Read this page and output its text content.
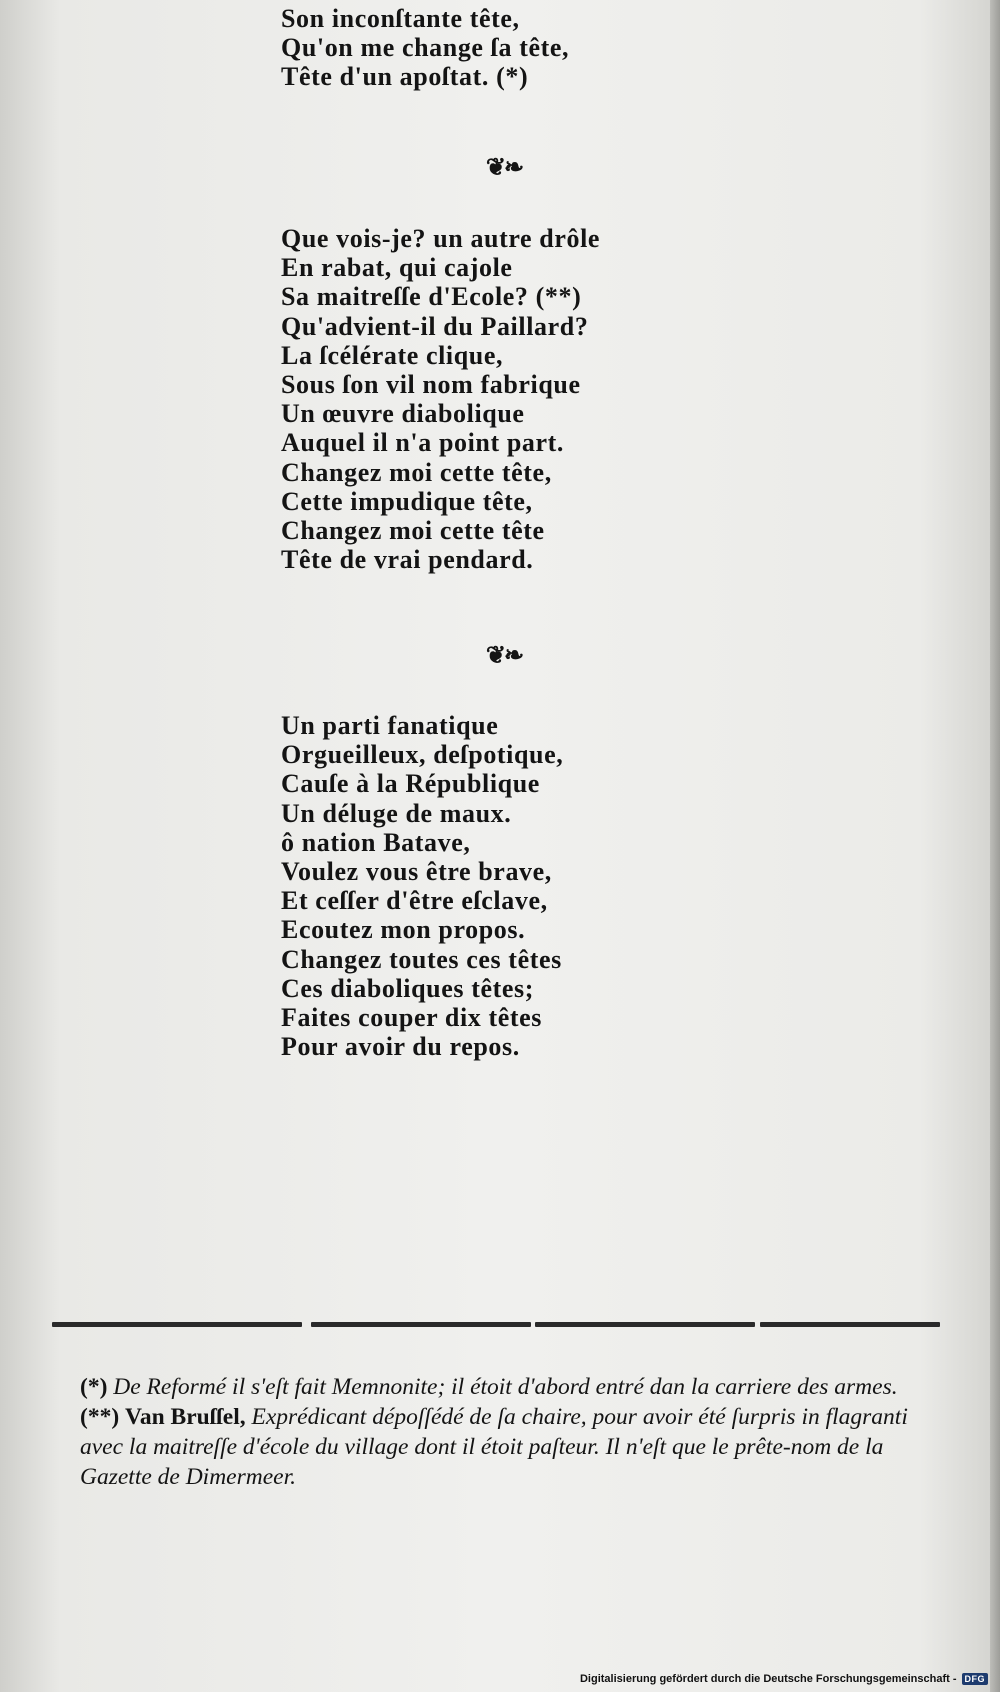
Son inconſtante tête,
Qu'on me change ſa tête,
Tête d'un apoſtat. (*)
❦❧
Que vois-je? un autre drôle
En rabat, qui cajole
Sa maitreſſe d'Ecole? (**)
Qu'advient-il du Paillard?
La ſcélérate clique,
Sous ſon vil nom fabrique
Un œuvre diabolique
Auquel il n'a point part.
Changez moi cette tête,
Cette impudique tête,
Changez moi cette tête
Tête de vrai pendard.
❦❧
Un parti fanatique
Orgueilleux, deſpotique,
Cauſe à la République
Un déluge de maux.
ô nation Batave,
Voulez vous être brave,
Et ceſſer d'être eſclave,
Ecoutez mon propos.
Changez toutes ces têtes
Ces diaboliques têtes;
Faites couper dix têtes
Pour avoir du repos.

(*) De Reformé il s'eſt fait Memnonite; il étoit d'abord entré dan la carriere des armes.

(**) Van Bruſſel, Exprédicant dépoſſédé de ſa chaire, pour avoir été ſurpris in flagranti avec la maitreſſe d'école du village dont il étoit paſteur. Il n'eſt que le prête-nom de la Gazette de Dimermeer.

Digitalisierung gefördert durch die Deutsche Forschungsgemeinschaft - DFG
